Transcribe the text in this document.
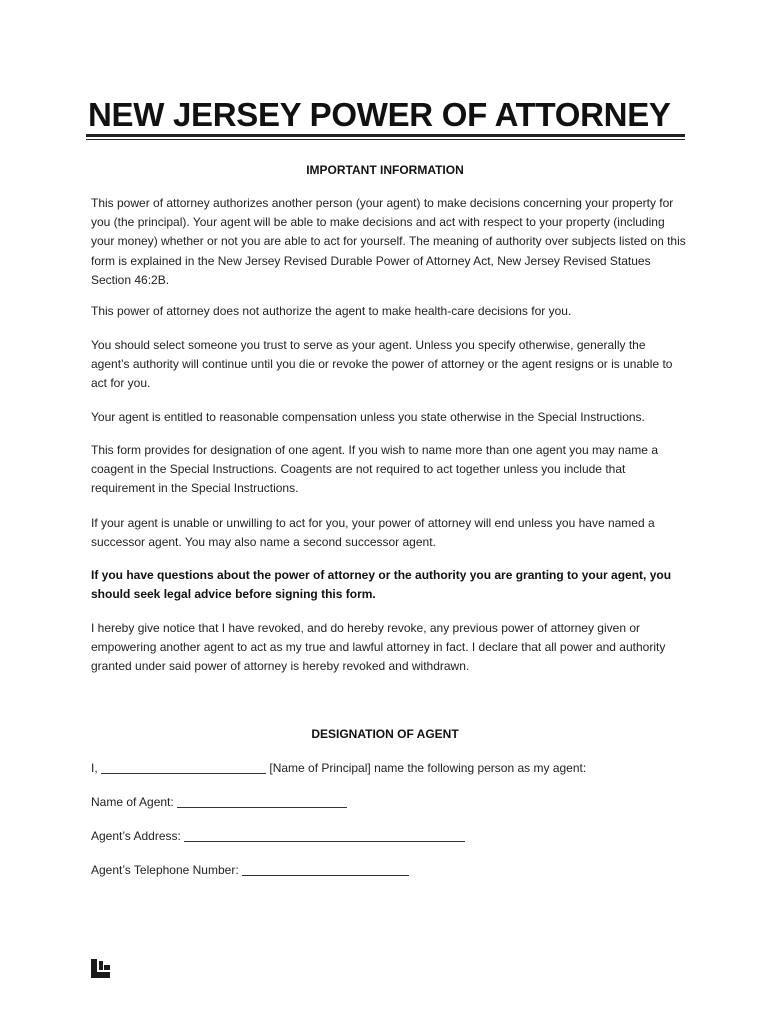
NEW JERSEY POWER OF ATTORNEY
IMPORTANT INFORMATION

This power of attorney authorizes another person (your agent) to make decisions concerning your property for you (the principal). Your agent will be able to make decisions and act with respect to your property (including your money) whether or not you are able to act for yourself. The meaning of authority over subjects listed on this form is explained in the New Jersey Revised Durable Power of Attorney Act, New Jersey Revised Statues Section 46:2B.

This power of attorney does not authorize the agent to make health-care decisions for you.

You should select someone you trust to serve as your agent. Unless you specify otherwise, generally the agent’s authority will continue until you die or revoke the power of attorney or the agent resigns or is unable to act for you.

Your agent is entitled to reasonable compensation unless you state otherwise in the Special Instructions.

This form provides for designation of one agent. If you wish to name more than one agent you may name a coagent in the Special Instructions. Coagents are not required to act together unless you include that requirement in the Special Instructions.

If your agent is unable or unwilling to act for you, your power of attorney will end unless you have named a successor agent. You may also name a second successor agent.

If you have questions about the power of attorney or the authority you are granting to your agent, you should seek legal advice before signing this form.

I hereby give notice that I have revoked, and do hereby revoke, any previous power of attorney given or empowering another agent to act as my true and lawful attorney in fact. I declare that all power and authority granted under said power of attorney is hereby revoked and withdrawn.

DESIGNATION OF AGENT
I,	[Name of Principal] name the following person as my agent:
Name of Agent:
Agent’s Address:
Agent’s Telephone Number:
